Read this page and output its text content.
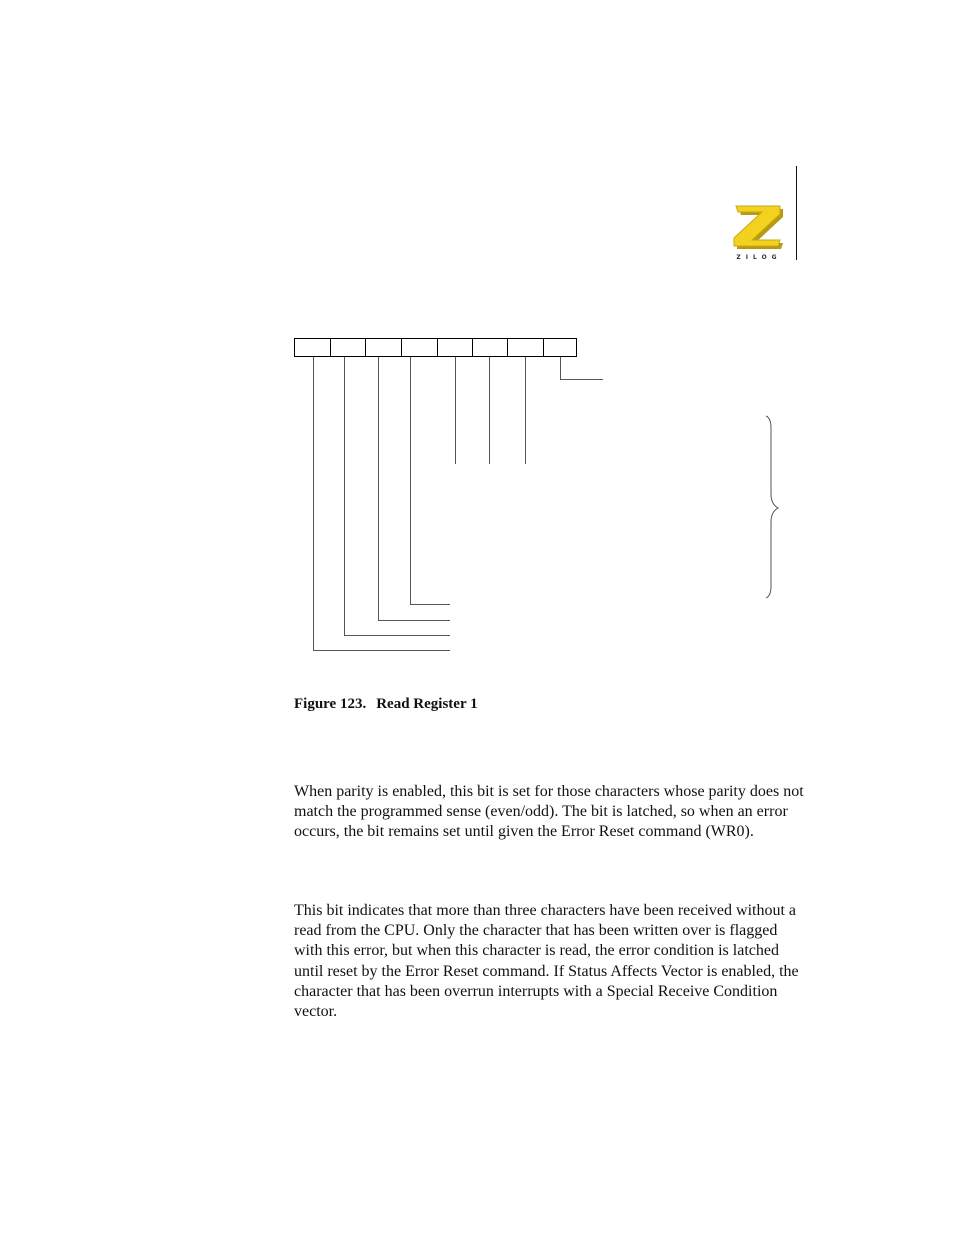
ZILOG
Figure 123. Read Register 1

When parity is enabled, this bit is set for those characters whose parity does not match the programmed sense (even/odd). The bit is latched, so when an error occurs, the bit remains set until given the Error Reset command (WR0).

This bit indicates that more than three characters have been received without a read from the CPU. Only the character that has been written over is flagged with this error, but when this character is read, the error condition is latched until reset by the Error Reset command. If Status Affects Vector is enabled, the character that has been overrun interrupts with a Special Receive Condition vector.
